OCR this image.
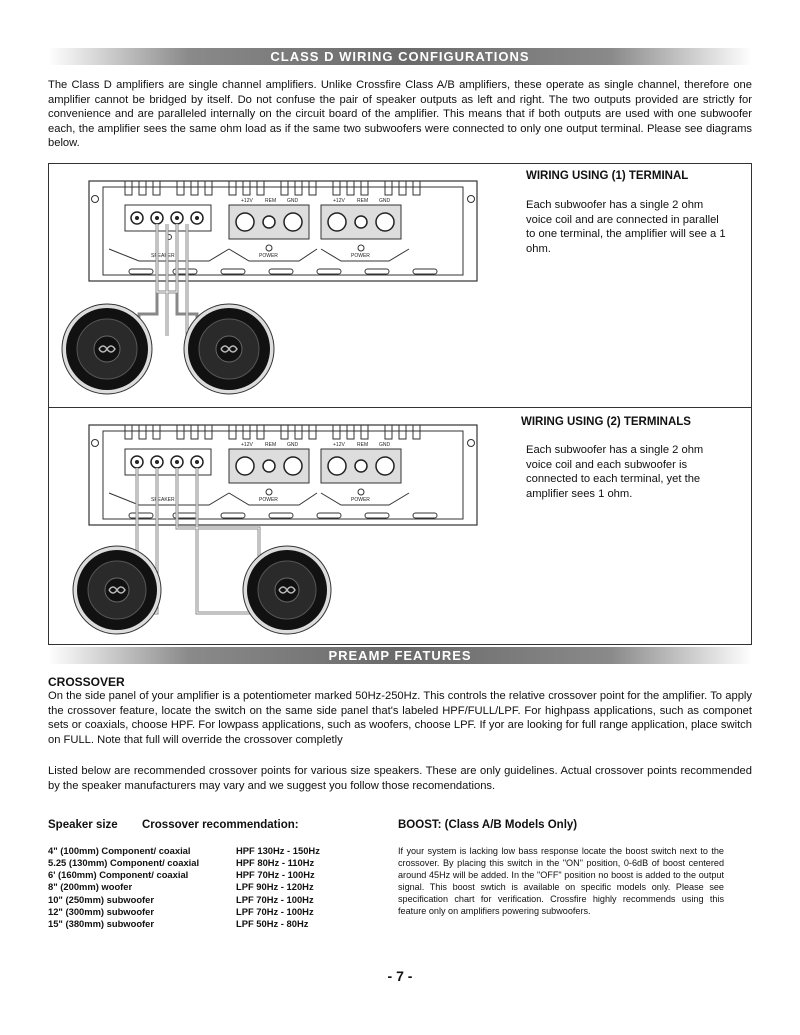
CLASS D WIRING CONFIGURATIONS
The Class D amplifiers are single channel amplifiers. Unlike Crossfire Class A/B amplifiers, these operate as single channel, therefore one amplifier cannot be bridged by itself. Do not confuse the pair of speaker outputs as left and right. The two outputs provided are strictly for convenience and are paralleled internally on the circuit board of the amplifier. This means that if both outputs are used with one subwoofer each, the amplifier sees the same ohm load as if the same two subwoofers were connected to only one output terminal. Please see diagrams below.
+12V REM GND	+12V REM GND
SPEAKER	POWER	POWER
WIRING USING (1) TERMINAL
Each subwoofer has a single 2 ohm voice coil and are connected in parallel to one terminal, the amplifier will see a 1 ohm.
+12V REM GND	+12V REM GND
SPEAKER	POWER	POWER
WIRING USING (2) TERMINALS
Each subwoofer has a single 2 ohm voice coil and each subwoofer is connected to each terminal, yet the amplifier sees 1 ohm.
PREAMP FEATURES
CROSSOVER
On the side panel of your amplifier is a potentiometer marked 50Hz-250Hz. This controls the relative crossover point for the amplifier. To apply the crossover feature, locate the switch on the same side panel that's labeled HPF/FULL/LPF. For highpass applications, such as componet sets or coaxials, choose HPF. For lowpass applications, such as woofers, choose LPF. If yor are looking for full range application, place switch on FULL. Note that full will override the crossover completly
Listed below are recommended crossover points for various size speakers. These are only guidelines. Actual crossover points recommended by the speaker manufacturers may vary and we suggest you follow those recomendations.
Speaker size Crossover recommendation:	BOOST: (Class A/B Models Only)
4" (100mm) Component/ coaxial	HPF 130Hz - 150Hz
5.25 (130mm) Component/ coaxial	HPF 80Hz - 110Hz
6' (160mm) Component/ coaxial	HPF 70Hz - 100Hz
8" (200mm) woofer	LPF 90Hz - 120Hz
10" (250mm) subwoofer	LPF 70Hz - 100Hz
12" (300mm) subwoofer	LPF 70Hz - 100Hz
15" (380mm) subwoofer	LPF 50Hz - 80Hz
If your system is lacking low bass response locate the boost switch next to the crossover. By placing this switch in the "ON" position, 0-6dB of boost centered around 45Hz will be added. In the "OFF" position no boost is added to the output signal. This boost swtich is available on specific models only. Please see specification chart for verification. Crossfire highly recommends using this feature only on amplifiers powering subwoofers.
- 7 -
